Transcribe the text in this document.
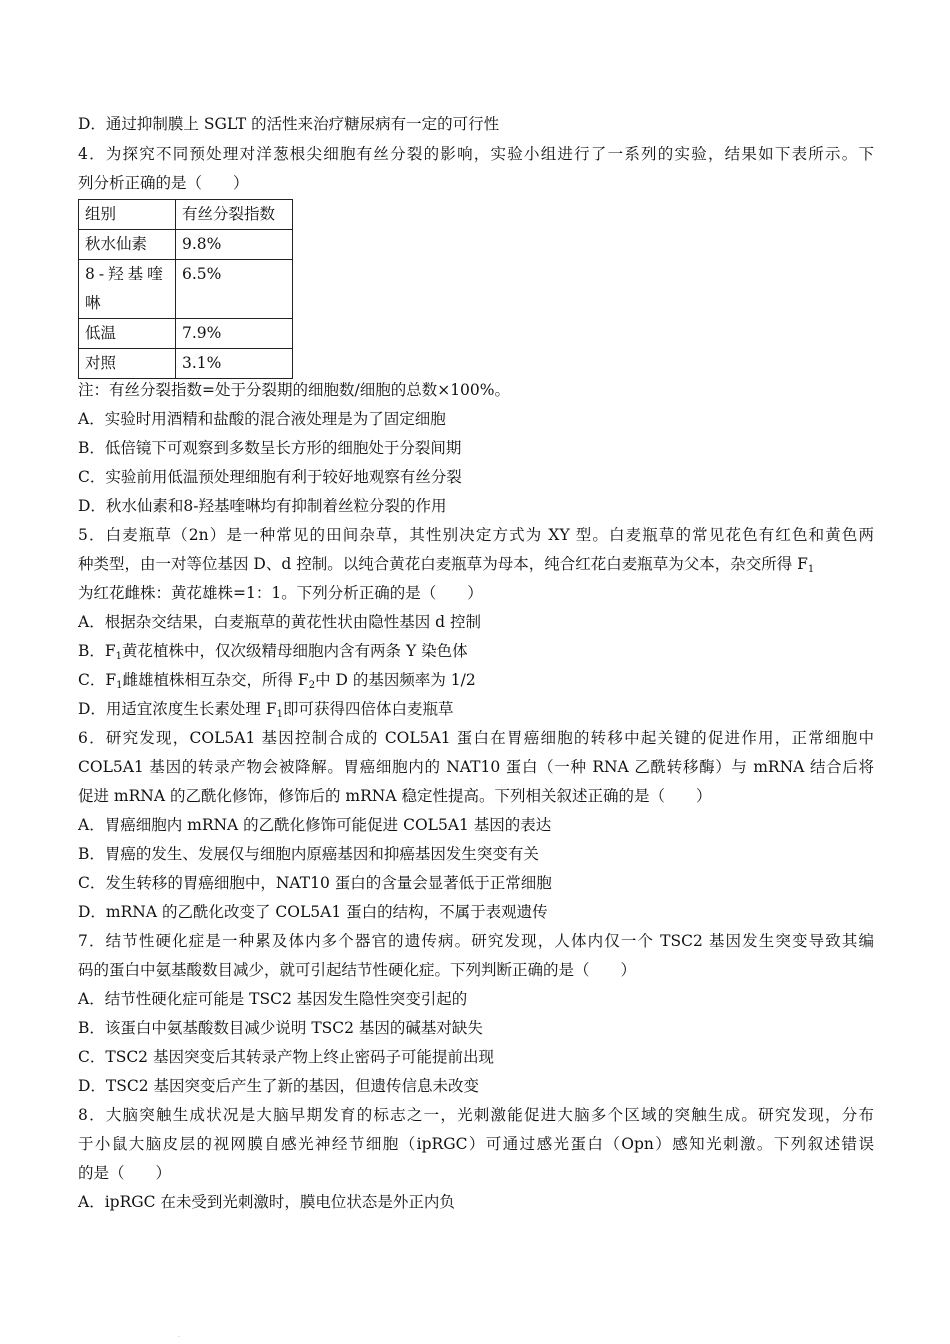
D．通过抑制膜上 SGLT 的活性来治疗糖尿病有一定的可行性
4．为探究不同预处理对洋葱根尖细胞有丝分裂的影响，实验小组进行了一系列的实验，结果如下表所示。下
列分析正确的是（　　）
组别	有丝分裂指数
秋水仙素	9.8%

8-羟基喹啉	6.5%
低温	7.9%
对照	3.1%
注：有丝分裂指数=处于分裂期的细胞数/细胞的总数×100%。
A．实验时用酒精和盐酸的混合液处理是为了固定细胞
B．低倍镜下可观察到多数呈长方形的细胞处于分裂间期
C．实验前用低温预处理细胞有利于较好地观察有丝分裂
D．秋水仙素和8-羟基喹啉均有抑制着丝粒分裂的作用
5．白麦瓶草（2n）是一种常见的田间杂草，其性别决定方式为 XY 型。白麦瓶草的常见花色有红色和黄色两
种类型，由一对等位基因 D、d 控制。以纯合黄花白麦瓶草为母本，纯合红花白麦瓶草为父本，杂交所得 $F_1$
为红花雌株：黄花雄株=1：1。下列分析正确的是（　　）
A．根据杂交结果，白麦瓶草的黄花性状由隐性基因 d 控制
B．$F_1$黄花植株中，仅次级精母细胞内含有两条 Y 染色体
C．$F_1$雌雄植株相互杂交，所得 $F_2$中 D 的基因频率为 1/2
D．用适宜浓度生长素处理 $F_1$即可获得四倍体白麦瓶草
6．研究发现，COL5A1 基因控制合成的 COL5A1 蛋白在胃癌细胞的转移中起关键的促进作用，正常细胞中
COL5A1 基因的转录产物会被降解。胃癌细胞内的 NAT10 蛋白（一种 RNA 乙酰转移酶）与 mRNA 结合后将
促进 mRNA 的乙酰化修饰，修饰后的 mRNA 稳定性提高。下列相关叙述正确的是（　　）
A．胃癌细胞内 mRNA 的乙酰化修饰可能促进 COL5A1 基因的表达
B．胃癌的发生、发展仅与细胞内原癌基因和抑癌基因发生突变有关
C．发生转移的胃癌细胞中，NAT10 蛋白的含量会显著低于正常细胞
D．mRNA 的乙酰化改变了 COL5A1 蛋白的结构，不属于表观遗传
7．结节性硬化症是一种累及体内多个器官的遗传病。研究发现，人体内仅一个 TSC2 基因发生突变导致其编
码的蛋白中氨基酸数目减少，就可引起结节性硬化症。下列判断正确的是（　　）
A．结节性硬化症可能是 TSC2 基因发生隐性突变引起的
B．该蛋白中氨基酸数目减少说明 TSC2 基因的碱基对缺失
C．TSC2 基因突变后其转录产物上终止密码子可能提前出现
D．TSC2 基因突变后产生了新的基因，但遗传信息未改变
8．大脑突触生成状况是大脑早期发育的标志之一，光刺激能促进大脑多个区域的突触生成。研究发现，分布
于小鼠大脑皮层的视网膜自感光神经节细胞（ipRGC）可通过感光蛋白（Opn）感知光刺激。下列叙述错误
的是（　　）
A．ipRGC 在未受到光刺激时，膜电位状态是外正内负
.
